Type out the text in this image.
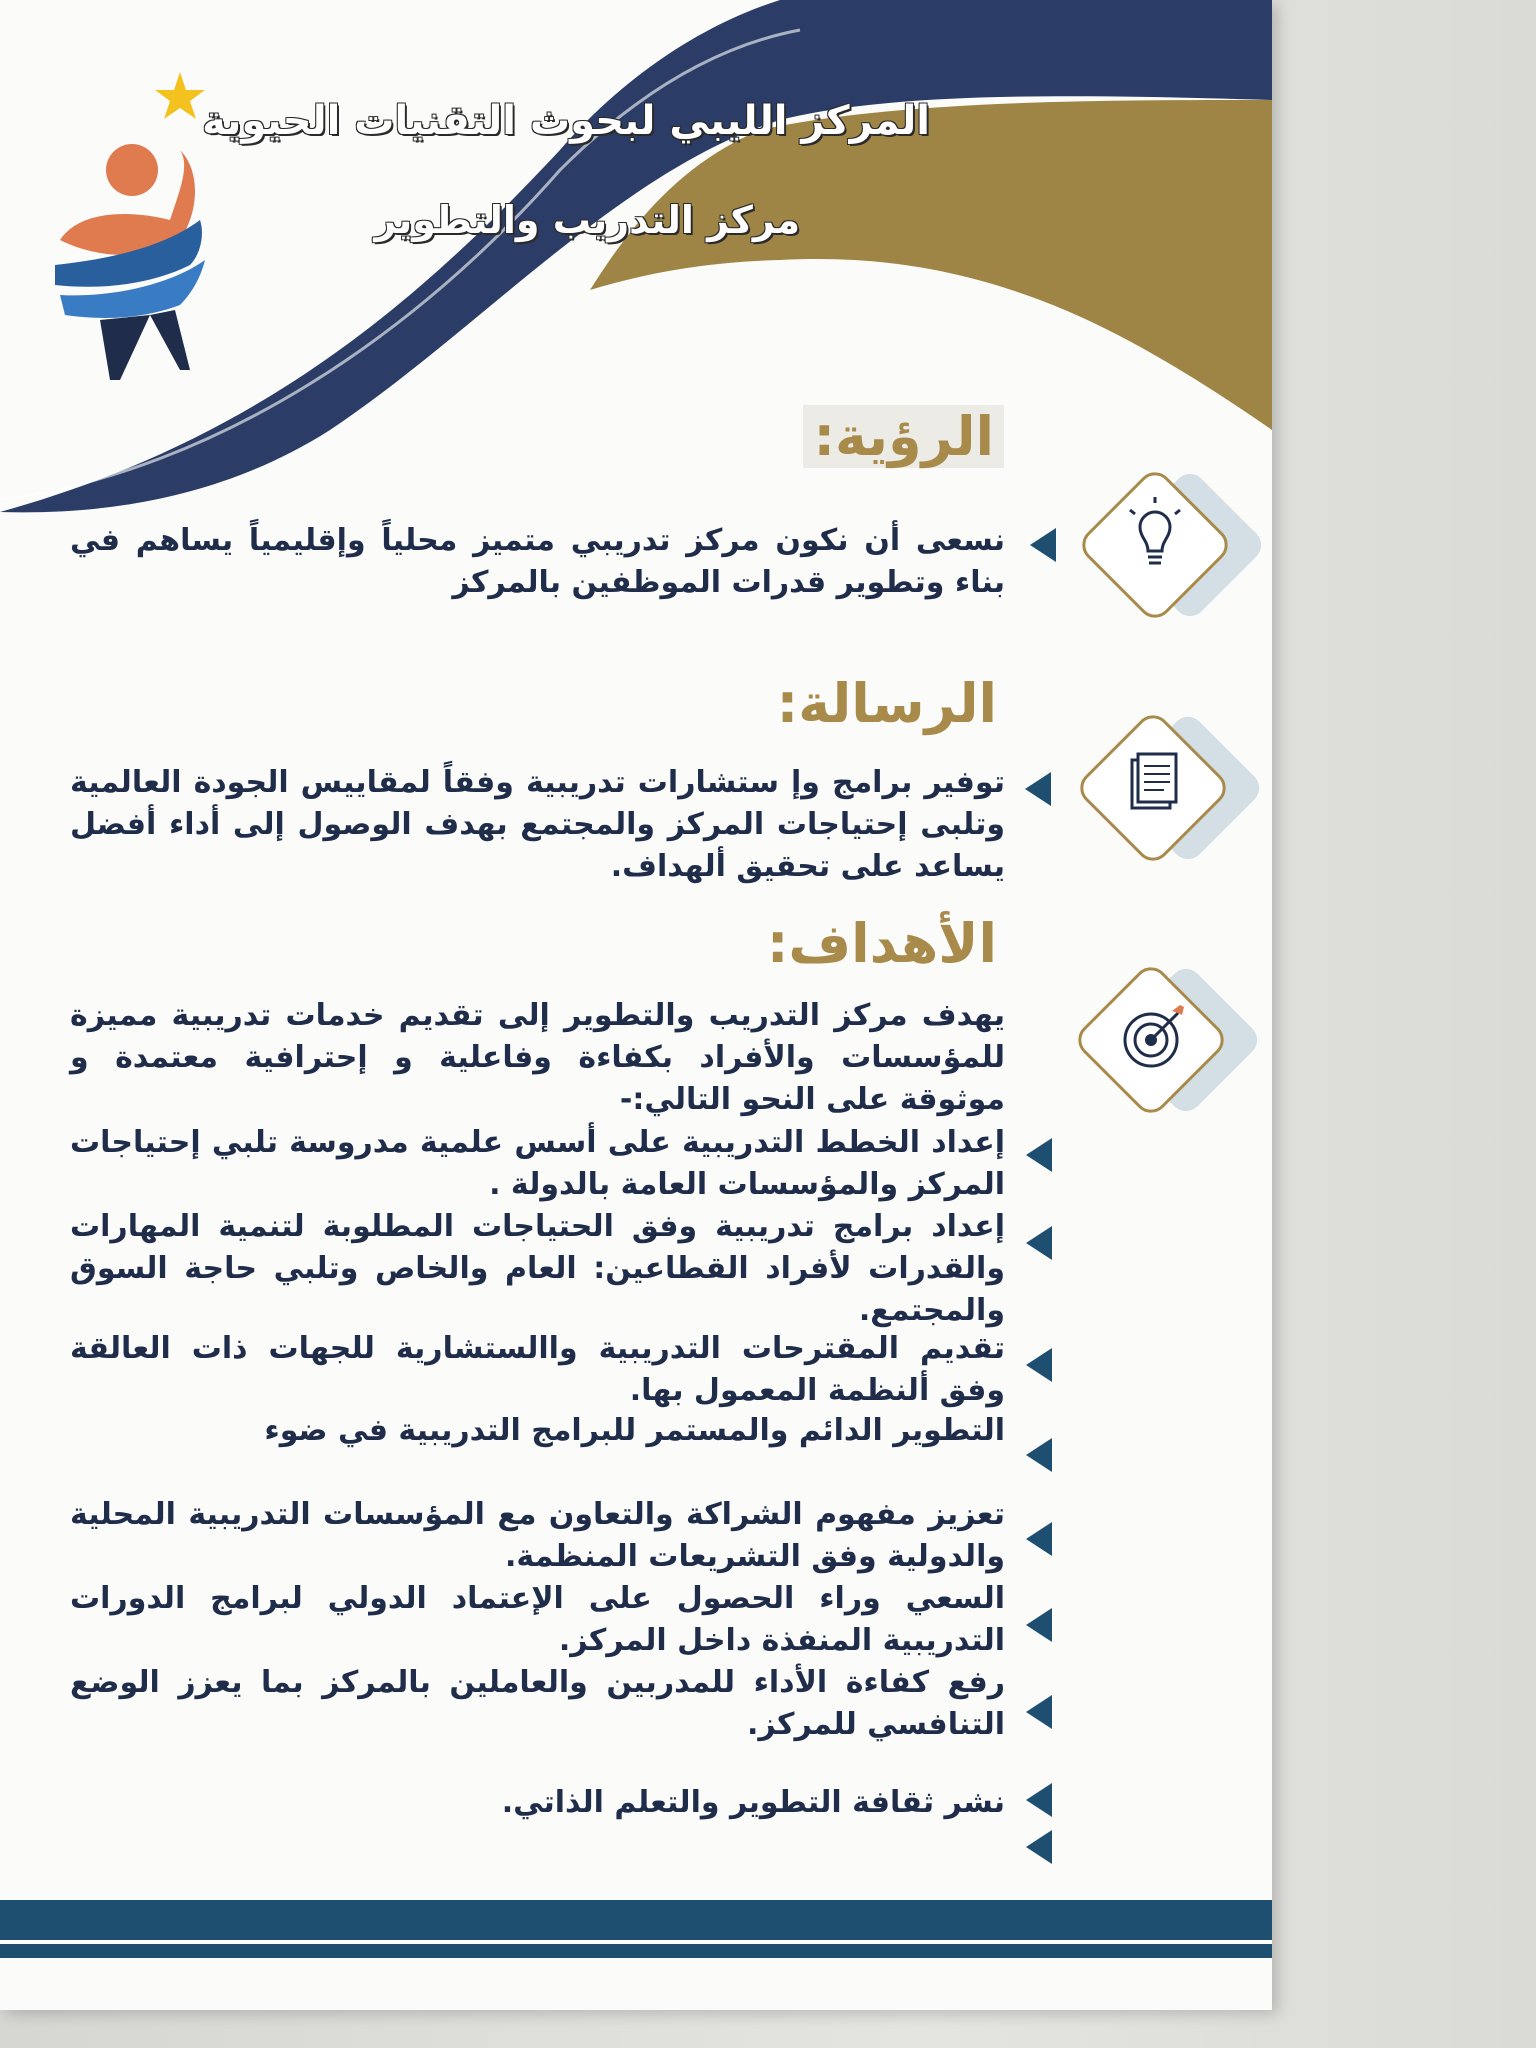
المركز الليبي لبحوث التقنيات الحيوية
مركز التدريب والتطوير
الرؤية:
نسعى أن نكون مركز تدريبي متميز محلياً وإقليمياً يساهم في بناء وتطوير قدرات الموظفين بالمركز
الرسالة:
توفير برامج وإ ستشارات تدريبية وفقاً لمقاييس الجودة العالمية وتلبى إحتياجات المركز والمجتمع بهدف الوصول إلى أداء أفضل يساعد على تحقيق ألهداف.
الأهداف:
يهدف مركز التدريب والتطوير إلى تقديم خدمات تدريبية مميزة للمؤسسات والأفراد بكفاءة وفاعلية و إحترافية معتمدة و موثوقة على النحو التالي:-
إعداد الخطط التدريبية على أسس علمية مدروسة تلبي إحتياجات المركز والمؤسسات العامة بالدولة .
إعداد برامج تدريبية وفق الحتياجات المطلوبة لتنمية المهارات والقدرات لأفراد القطاعين: العام والخاص وتلبي حاجة السوق والمجتمع.
تقديم المقترحات التدريبية واالستشارية للجهات ذات العالقة وفق ألنظمة المعمول بها.
التطوير الدائم والمستمر للبرامج التدريبية في ضوء
تعزيز مفهوم الشراكة والتعاون مع المؤسسات التدريبية المحلية والدولية وفق التشريعات المنظمة.
السعي وراء الحصول على الإعتماد الدولي لبرامج الدورات التدريبية المنفذة داخل المركز.
رفع كفاءة الأداء للمدربين والعاملين بالمركز بما يعزز الوضع التنافسي للمركز.
نشر ثقافة التطوير والتعلم الذاتي.
